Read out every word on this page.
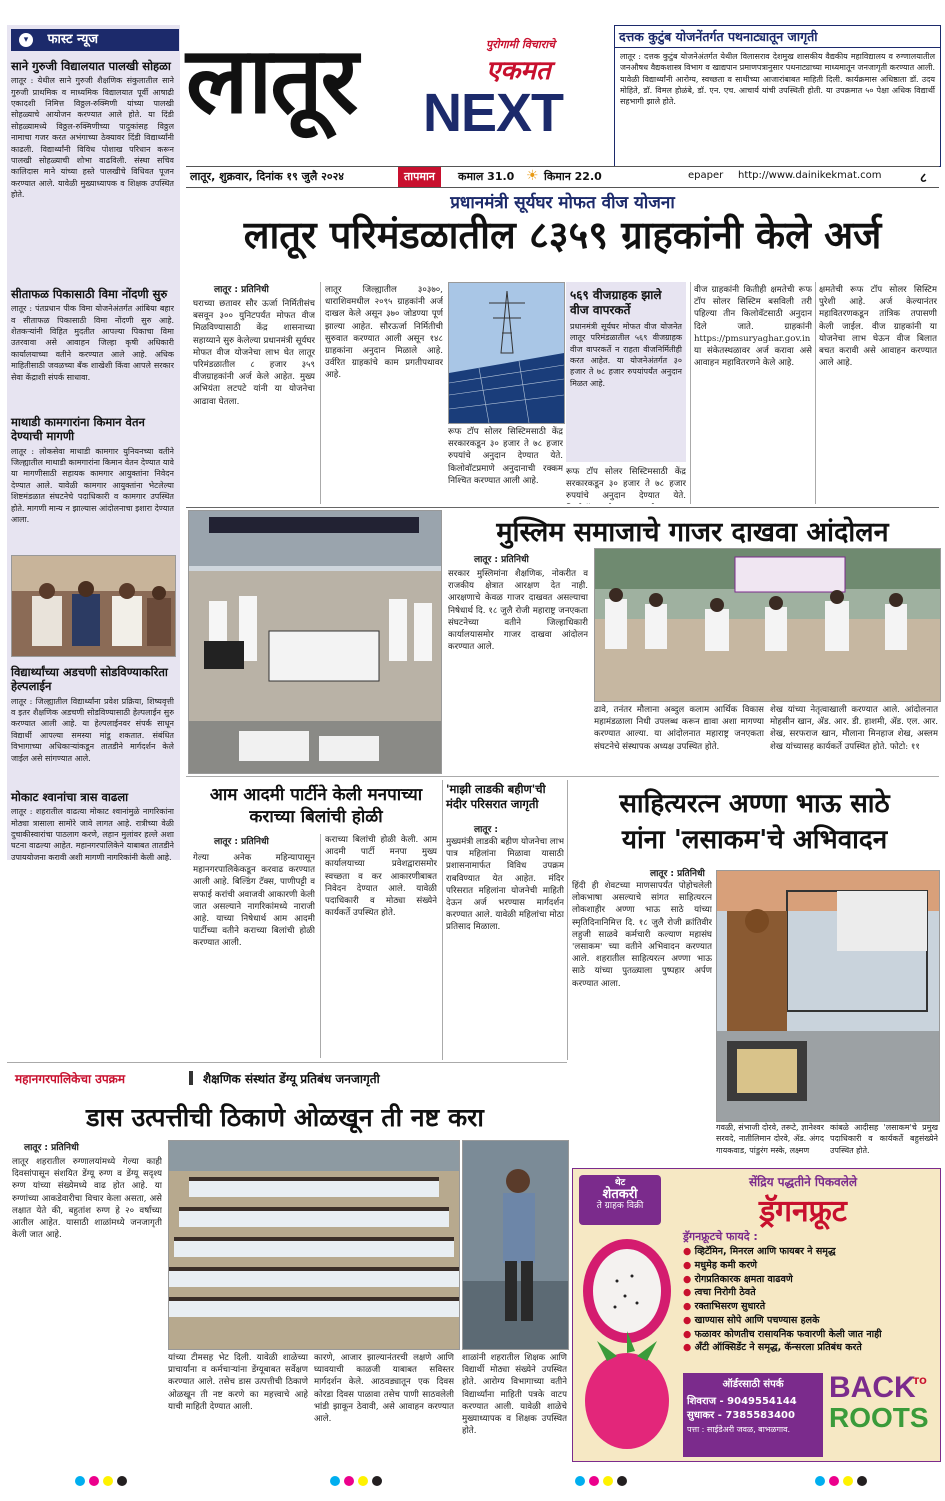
▾ फास्ट न्यूज
साने गुरुजी विद्यालयात पालखी सोहळा
लातूर : येथील साने गुरुजी शैक्षणिक संकुलातील साने गुरुजी प्राथमिक व माध्यमिक विद्यालयात पूर्वी आषाढी एकादशी निमित्त विठ्ठल-रुक्मिणी यांच्या पालखी सोहळ्याचे आयोजन करण्यात आले होते. या दिंडी सोहळ्यामध्ये विठ्ठल-रुक्मिणीच्या पादुकांसह विठ्ठल नामाचा गजर करत अभंगाच्या ठेक्यावर दिंडी विद्यार्थ्यांनी काढली. विद्यार्थ्यांनी विविध पोशाख परिधान करून पालखी सोहळ्याची शोभा वाढविली. संस्था सचिव कालिदास माने यांच्या हस्ते पालखीचे विधिवत पूजन करण्यात आले. यावेळी मुख्याध्यापक व शिक्षक उपस्थित होते.
सीताफळ पिकासाठी विमा नोंदणी सुरु
लातूर : पंतप्रधान पीक विमा योजनेअंतर्गत आंबिया बहार व सीताफळ पिकासाठी विमा नोंदणी सुरु आहे. शेतकऱ्यांनी विहित मुदतीत आपल्या पिकाचा विमा उतरवावा असे आवाहन जिल्हा कृषी अधिकारी कार्यालयाच्या वतीने करण्यात आले आहे. अधिक माहितीसाठी जवळच्या बँक शाखेशी किंवा आपले सरकार सेवा केंद्राशी संपर्क साधावा.
माथाडी कामगारांना किमान वेतन देण्याची मागणी
लातूर : लोकसेवा माथाडी कामगार युनियनच्या वतीने जिल्ह्यातील माथाडी कामगारांना किमान वेतन देण्यात यावे या मागणीसाठी सहायक कामगार आयुक्तांना निवेदन देण्यात आले. यावेळी कामगार आयुक्तांना भेटलेल्या शिष्टमंडळात संघटनेचे पदाधिकारी व कामगार उपस्थित होते. मागणी मान्य न झाल्यास आंदोलनाचा इशारा देण्यात आला.
विद्यार्थ्यांच्या अडचणी सोडविण्याकरिता हेल्पलाईन
लातूर : जिल्ह्यातील विद्यार्थ्यांना प्रवेश प्रक्रिया, शिष्यवृत्ती व इतर शैक्षणिक अडचणी सोडविण्यासाठी हेल्पलाईन सुरु करण्यात आली आहे. या हेल्पलाईनवर संपर्क साधून विद्यार्थी आपल्या समस्या मांडू शकतात. संबंधित विभागाच्या अधिकाऱ्यांकडून तातडीने मार्गदर्शन केले जाईल असे सांगण्यात आले.
मोकाट श्वानांचा त्रास वाढला
लातूर : शहरातील वाढत्या मोकाट श्वानांमुळे नागरिकांना मोठ्या त्रासाला सामोरे जावे लागत आहे. रात्रीच्या वेळी दुचाकीस्वारांचा पाठलाग करणे, लहान मुलांवर हल्ले अशा घटना वाढल्या आहेत. महानगरपालिकेने याबाबत तातडीने उपाययोजना करावी अशी मागणी नागरिकांनी केली आहे.
लातूर	पुरोगामी विचाराचे
एकमत
NEXT
दत्तक कुटुंब योजनेंतर्गत पथनाट्यातून जागृती
लातूर : दत्तक कुटुंब योजनेअंतर्गत येथील विलासराव देशमुख शासकीय वैद्यकीय महाविद्यालय व रुग्णालयातील जनऔषध वैद्यकशास्त्र विभाग व खाद्यपान प्रमाणपत्रानुसार पथनाट्याच्या माध्यमातून जनजागृती करण्यात आली. यावेळी विद्यार्थ्यांनी आरोग्य, स्वच्छता व साथीच्या आजारांबाबत माहिती दिली. कार्यक्रमास अधिष्ठाता डॉ. उदय मोहिते, डॉ. विमल होळंबे, डॉ. एन. एच. आचार्य यांची उपस्थिती होती. या उपक्रमात ५० पेक्षा अधिक विद्यार्थी सहभागी झाले होते.
लातूर, शुक्रवार, दिनांक १९ जुलै २०२४	तापमान	कमाल 31.0 ☀ किमान 22.0	epaper http://www.dainikekmat.com	८
प्रधानमंत्री सूर्यघर मोफत वीज योजना
लातूर परिमंडळातील ८३५९ ग्राहकांनी केले अर्ज
लातूर : प्रतिनिधी
घराच्या छतावर सौर ऊर्जा निर्मितीसंच बसवून ३०० युनिटपर्यंत मोफत वीज मिळविण्यासाठी केंद्र शासनाच्या सहाय्याने सुरु केलेल्या प्रधानमंत्री सूर्यघर मोफत वीज योजनेचा लाभ घेत लातूर परिमंडळातील ८ हजार ३५९ वीजग्राहकांनी अर्ज केले आहेत. मुख्य अभियंता लटपटे यांनी या योजनेचा आढावा घेतला.
लातूर जिल्ह्यातील ३०३७०, धाराशिवमधील २०९५ ग्राहकांनी अर्ज दाखल केले असून ३७० जोडण्या पूर्ण झाल्या आहेत. सौरऊर्जा निर्मितीची सुरुवात करण्यात आली असून १४८ ग्राहकांना अनुदान मिळाले आहे. उर्वरित ग्राहकांचे काम प्रगतीपथावर आहे.
५६९ वीजग्राहक झाले वीज वापरकर्ते
प्रधानमंत्री सूर्यघर मोफत वीज योजनेत लातूर परिमंडळातील ५६९ वीजग्राहक वीज वापरकर्ते न राहता वीजनिर्मितीही करत आहेत. या योजनेअंतर्गत ३० हजार ते ७८ हजार रुपयांपर्यंत अनुदान मिळत आहे.
रूफ टॉप सोलर सिस्टिमसाठी केंद्र सरकारकडून ३० हजार ते ७८ हजार रुपयांचे अनुदान देण्यात येते. किलोवॉटप्रमाणे अनुदानाची रक्कम निश्चित करण्यात आली आहे.
रूफ टॉप सोलर सिस्टिमसाठी केंद्र सरकारकडून ३० हजार ते ७८ हजार रुपयांचे अनुदान देण्यात येते.
वीज ग्राहकांनी कितीही क्षमतेची रूफ टॉप सोलर सिस्टिम बसविली तरी पहिल्या तीन किलोवॅटसाठी अनुदान दिले जाते. ग्राहकांनी https://pmsuryaghar.gov.in या संकेतस्थळावर अर्ज करावा असे आवाहन महावितरणने केले आहे.
क्षमतेची रूफ टॉप सोलर सिस्टिम पुरेशी आहे. अर्ज केल्यानंतर महावितरणकडून तांत्रिक तपासणी केली जाईल. वीज ग्राहकांनी या योजनेचा लाभ घेऊन वीज बिलात बचत करावी असे आवाहन करण्यात आले आहे.
मुस्लिम समाजाचे गाजर दाखवा आंदोलन
लातूर : प्रतिनिधी
सरकार मुस्लिमांना शैक्षणिक, नोकरीत व राजकीय क्षेत्रात आरक्षण देत नाही. आरक्षणाचे केवळ गाजर दाखवत असल्याचा निषेधार्थ दि. १८ जुलै रोजी महाराष्ट्र जनएकता संघटनेच्या वतीने जिल्हाधिकारी कार्यालयासमोर गाजर दाखवा आंदोलन करण्यात आले.
ढावे, तनंतर मौलाना अब्दुल कलाम आर्थिक विकास महामंडळाला निधी उपलब्ध करून द्यावा अशा मागण्या करण्यात आल्या. या आंदोलनात महाराष्ट्र जनएकता संघटनेचे संस्थापक अध्यक्ष उपस्थित होते.
शेख यांच्या नेतृत्वाखाली करण्यात आले. आंदोलनात मोहसीन खान, ॲड. आर. डी. हाशमी, ॲड. एल. आर. शेख, सरफराज खान, मौलाना मिनहाज शेख, अस्लम शेख यांच्यासह कार्यकर्ते उपस्थित होते. फोटो: ११
आम आदमी पार्टीने केली मनपाच्या कराच्या बिलांची होळी
लातूर : प्रतिनिधी
गेल्या अनेक महिन्यापासून महानगरपालिकेकडून करवाढ करण्यात आली आहे. बिल्डिंग टॅक्स, पाणीपट्टी व सफाई करांची अवाजवी आकारणी केली जात असल्याने नागरिकांमध्ये नाराजी आहे. याच्या निषेधार्थ आम आदमी पार्टीच्या वतीने कराच्या बिलांची होळी करण्यात आली.
कराच्या बिलांची होळी केली. आम आदमी पार्टी मनपा मुख्य कार्यालयाच्या प्रवेशद्वारासमोर स्वच्छता व कर आकारणीबाबत निवेदन देण्यात आले. यावेळी पदाधिकारी व मोठ्या संख्येने कार्यकर्ते उपस्थित होते.
'माझी लाडकी बहीण'ची मंदीर परिसरात जागृती
लातूर :
मुख्यमंत्री लाडकी बहीण योजनेचा लाभ पात्र महिलांना मिळावा यासाठी प्रशासनामार्फत विविध उपक्रम राबविण्यात येत आहेत. मंदिर परिसरात महिलांना योजनेची माहिती देऊन अर्ज भरण्यास मार्गदर्शन करण्यात आले. यावेळी महिलांचा मोठा प्रतिसाद मिळाला.
साहित्यरत्न अण्णा भाऊ साठे
यांना 'लसाकम'चे अभिवादन
लातूर : प्रतिनिधी
हिंदी ही शेवटच्या माणसापर्यंत पोहोचलेली लोकभाषा असल्याचे सांगत साहित्यरत्न लोकशाहीर अण्णा भाऊ साठे यांच्या स्मृतिदिनानिमित्त दि. १८ जुलै रोजी क्रांतिवीर लहुजी साळवे कर्मचारी कल्याण महासंघ 'लसाकम' च्या वतीने अभिवादन करण्यात आले. शहरातील साहित्यरत्न अण्णा भाऊ साठे यांच्या पुतळ्याला पुष्पहार अर्पण करण्यात आला.
गवळी, संभाजी दोरवे, तरूटे, ज्ञानेश्वर सरवदे, नातीलिमान दोरवे, ॲड. अंगद गायकवाड, पांडुरंग मस्के, लक्ष्मण
कांबळे आदीसह 'लसाकम'चे प्रमुख पदाधिकारी व कार्यकर्ते बहुसंख्येने उपस्थित होते.
महानगरपालिकेचा उपक्रम	शैक्षणिक संस्थांत डेंग्यू प्रतिबंध जनजागृती
डास उत्पत्तीची ठिकाणे ओळखून ती नष्ट करा
लातूर : प्रतिनिधी
लातूर शहरातील रुग्णालयांमध्ये गेल्या काही दिवसांपासून संशयित डेंग्यू रुग्ण व डेंग्यू सदृश्य रुग्ण यांच्या संख्येमध्ये वाढ होत आहे. या रुग्णांच्या आकडेवारीचा विचार केला असता, असे लक्षात येते की, बहुतांश रुग्ण हे २० वर्षांच्या आतील आहेत. यासाठी शाळांमध्ये जनजागृती केली जात आहे.
यांच्या टीमसह भेट दिली. यावेळी शाळेच्या प्राचार्यांना व कर्मचाऱ्यांना डेंग्यूबाबत सर्वेक्षण करण्यात आले. तसेच डास उत्पत्तीची ठिकाणे ओळखून ती नष्ट करणे का महत्त्वाचे आहे याची माहिती देण्यात आली.
कारणे, आजार झाल्यानंतरची लक्षणे आणि घ्यावयाची काळजी याबाबत सविस्तर मार्गदर्शन केले. आठवड्यातून एक दिवस कोरडा दिवस पाळावा तसेच पाणी साठवलेली भांडी झाकून ठेवावी, असे आवाहन करण्यात आले.
शाळांनी शहरातील शिक्षक आणि विद्यार्थी मोठ्या संख्येने उपस्थित होते. आरोग्य विभागाच्या वतीने विद्यार्थ्यांना माहिती पत्रके वाटप करण्यात आली. यावेळी शाळेचे मुख्याध्यापक व शिक्षक उपस्थित होते.
थेट
शेतकरी
ते ग्राहक विक्री
सेंद्रिय पद्धतीने पिकवलेले
ड्रॅगनफ्रूट
ड्रॅगनफ्रूटचे फायदे :
● व्हिटॅमिन, मिनरल आणि फायबर ने समृद्ध
● मधुमेह कमी करणे
● रोगप्रतिकारक क्षमता वाढवणे
● त्वचा निरोगी ठेवते
● रक्ताभिसरण सुधारते
● खाण्यास सोपे आणि पचण्यास हलके
● फळावर कोणतीच रासायनिक फवारणी केली जात नाही
● ॲंटी ऑक्सिडेंट ने समृद्ध, कॅन्सरला प्रतिबंध करते
ऑर्डरसाठी संपर्क
शिवराज - 9049554144
सुधाकर - 7385583400
पत्ता : साईडेअरी जवळ, बाभळगाव.
BACK
TO
ROOTS
